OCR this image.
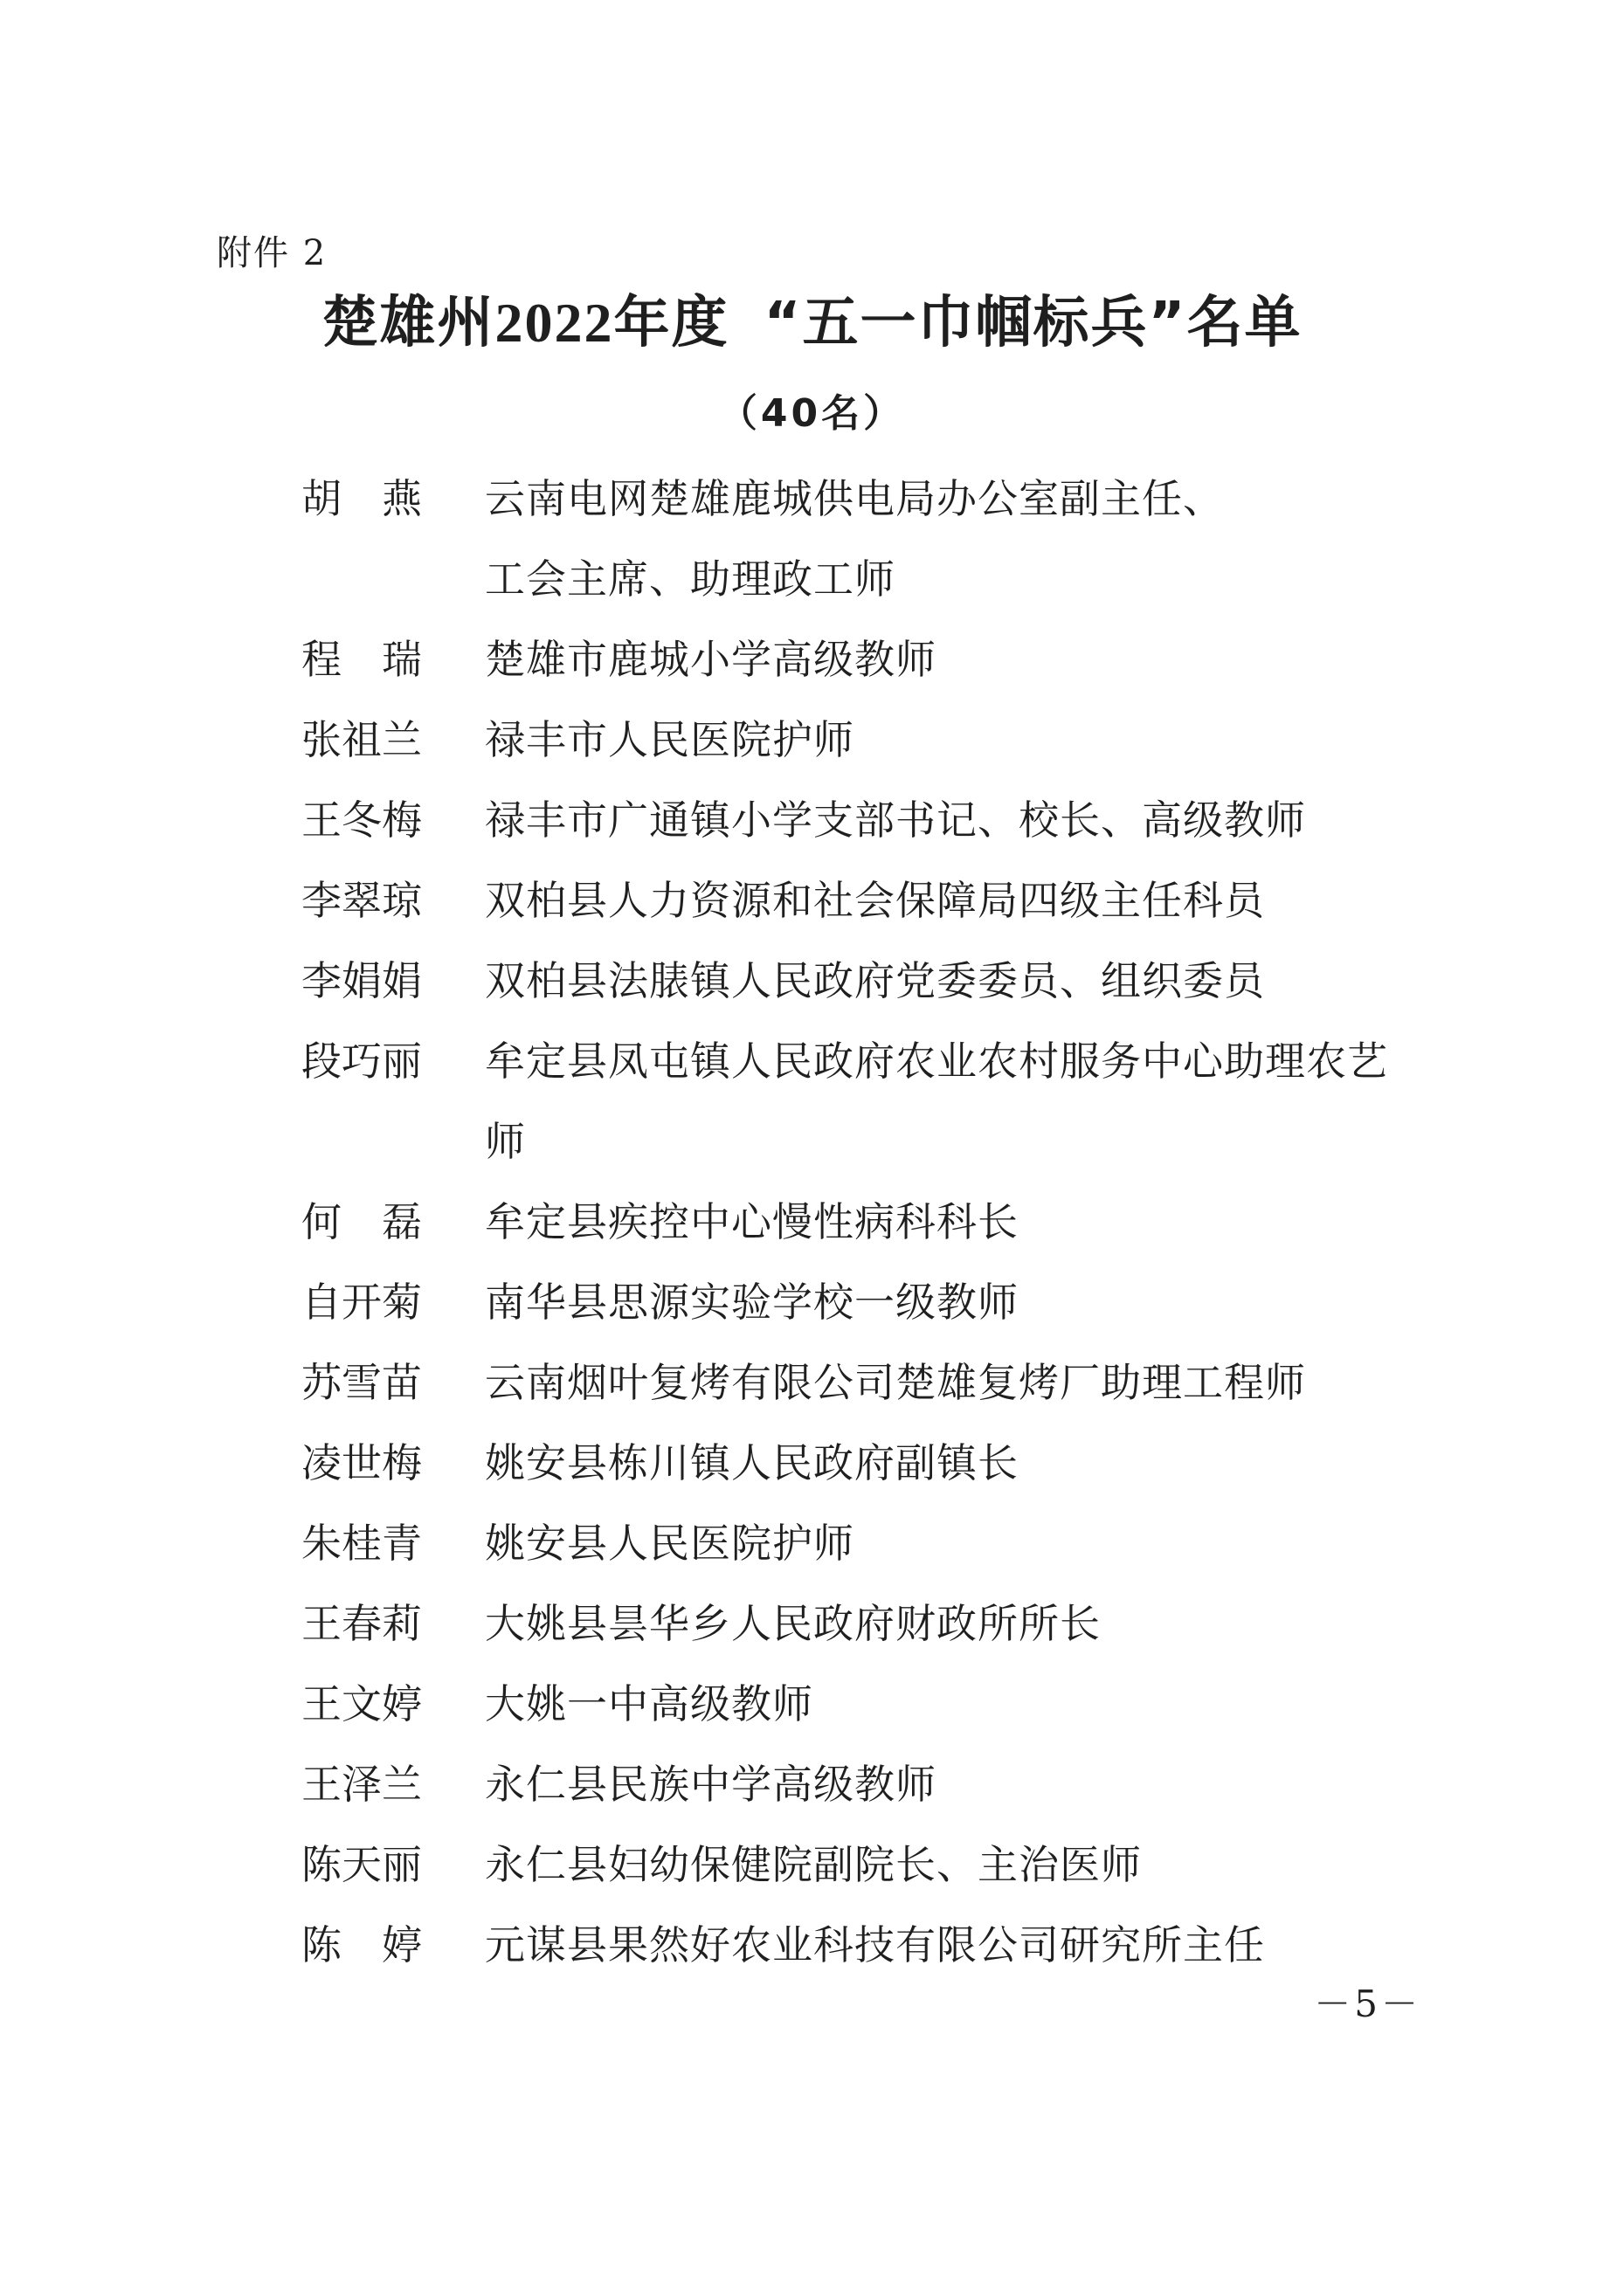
附件 2
楚雄州2022年度 “五一巾帼标兵”名单
（40名）
胡　燕	云南电网楚雄鹿城供电局办公室副主任、
工会主席、助理政工师
程　瑞	楚雄市鹿城小学高级教师
张祖兰	禄丰市人民医院护师
王冬梅	禄丰市广通镇小学支部书记、校长、高级教师
李翠琼	双柏县人力资源和社会保障局四级主任科员
李娟娟	双柏县法脿镇人民政府党委委员、组织委员
段巧丽	牟定县凤屯镇人民政府农业农村服务中心助理农艺
师
何　磊	牟定县疾控中心慢性病科科长
自开菊	南华县思源实验学校一级教师
苏雪苗	云南烟叶复烤有限公司楚雄复烤厂助理工程师
凌世梅	姚安县栋川镇人民政府副镇长
朱桂青	姚安县人民医院护师
王春莉	大姚县昙华乡人民政府财政所所长
王文婷	大姚一中高级教师
王泽兰	永仁县民族中学高级教师
陈天丽	永仁县妇幼保健院副院长、主治医师
陈　婷	元谋县果然好农业科技有限公司研究所主任
－5－
